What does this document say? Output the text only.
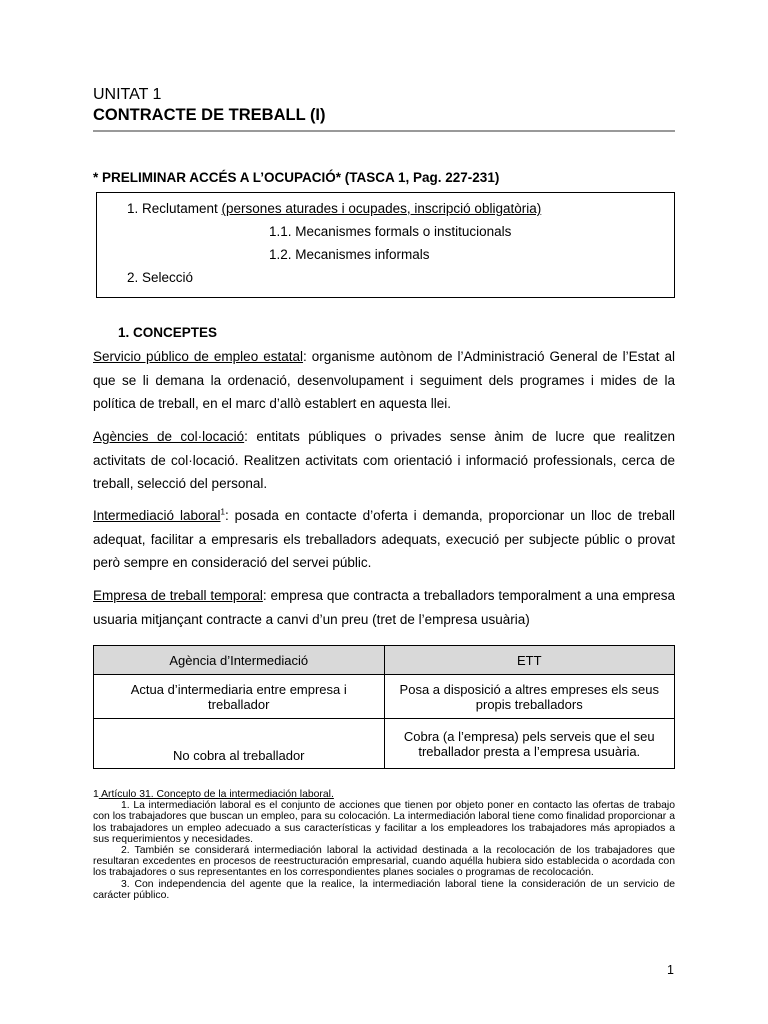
UNITAT 1
CONTRACTE DE TREBALL (I)
* PRELIMINAR ACCÉS A L’OCUPACIÓ* (TASCA 1, Pag. 227-231)
1. Reclutament (persones aturades i ocupades, inscripció obligatòria)
1.1. Mecanismes formals o institucionals
1.2. Mecanismes informals
2. Selecció
1. CONCEPTES
Servicio público de empleo estatal: organisme autònom de l’Administració General de l’Estat al que se li demana la ordenació, desenvolupament i seguiment dels programes i mides de la política de treball, en el marc d’allò establert en aquesta llei.
Agències de col·locació: entitats públiques o privades sense ànim de lucre que realitzen activitats de col·locació. Realitzen activitats com orientació i informació professionals, cerca de treball, selecció del personal.
Intermediació laboral$^1$: posada en contacte d’oferta i demanda, proporcionar un lloc de treball adequat, facilitar a empresaris els treballadors adequats, execució per subjecte públic o provat però sempre en consideració del servei públic.
Empresa de treball temporal: empresa que contracta a treballadors temporalment a una empresa usuaria mitjançant contracte a canvi d’un preu (tret de l’empresa usuària)
Agència d’Intermediació	ETT
Actua d’intermediaria entre empresa i treballador	Posa a disposició a altres empreses els seus propis treballadors
No cobra al treballador	Cobra (a l’empresa) pels serveis que el seu treballador presta a l’empresa usuària.

1 Artículo 31. Concepto de la intermediación laboral.

1. La intermediación laboral es el conjunto de acciones que tienen por objeto poner en contacto las ofertas de trabajo con los trabajadores que buscan un empleo, para su colocación. La intermediación laboral tiene como finalidad proporcionar a los trabajadores un empleo adecuado a sus características y facilitar a los empleadores los trabajadores más apropiados a sus requerimientos y necesidades.

2. También se considerará intermediación laboral la actividad destinada a la recolocación de los trabajadores que resultaran excedentes en procesos de reestructuración empresarial, cuando aquélla hubiera sido establecida o acordada con los trabajadores o sus representantes en los correspondientes planes sociales o programas de recolocación.

3. Con independencia del agente que la realice, la intermediación laboral tiene la consideración de un servicio de carácter público.

1
